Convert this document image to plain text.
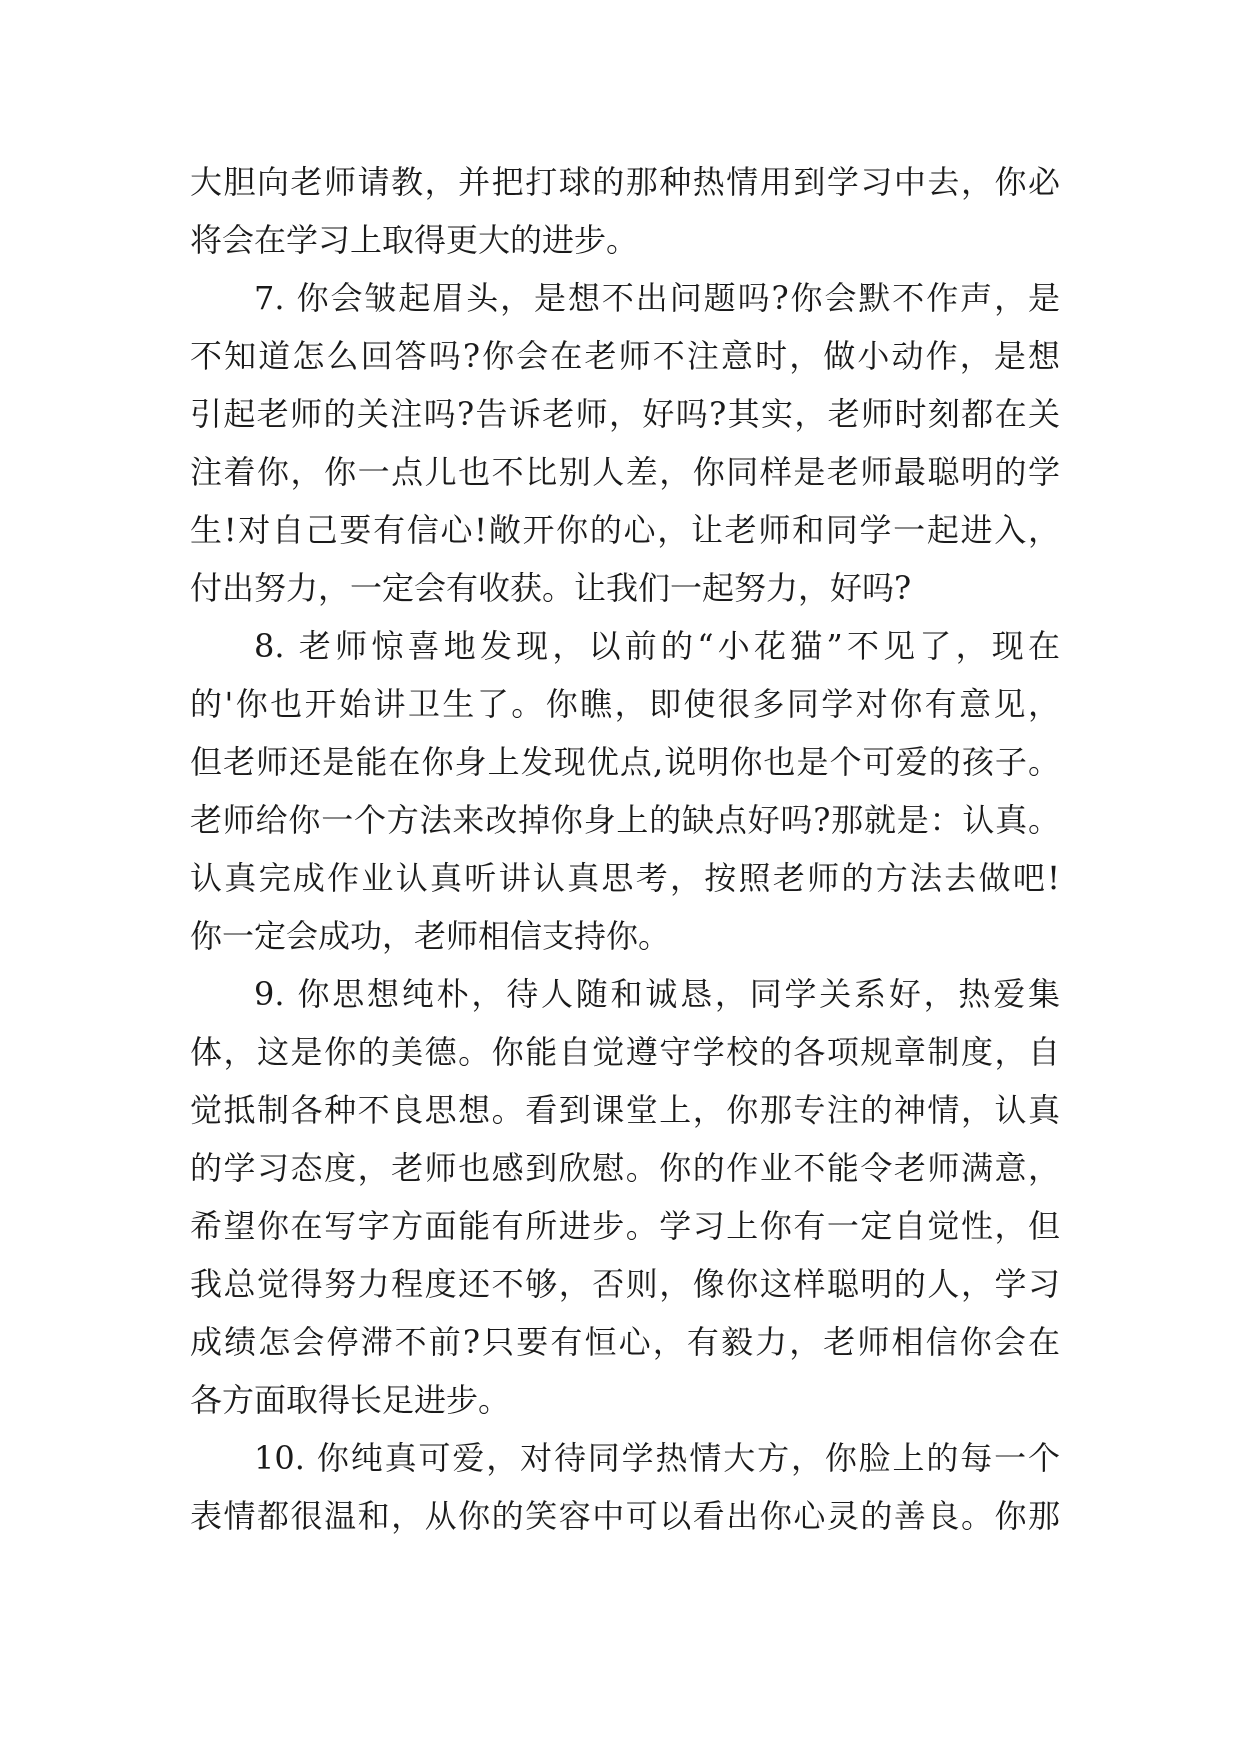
大胆向老师请教，并把打球的那种热情用到学习中去，你必
将会在学习上取得更大的进步。
7. 你会皱起眉头，是想不出问题吗?你会默不作声，是
不知道怎么回答吗?你会在老师不注意时，做小动作，是想
引起老师的关注吗?告诉老师，好吗?其实，老师时刻都在关
注着你，你一点儿也不比别人差，你同样是老师最聪明的学
生!对自己要有信心!敞开你的心，让老师和同学一起进入，
付出努力，一定会有收获。让我们一起努力，好吗?
8. 老师惊喜地发现，以前的“小花猫”不见了，现在
的'你也开始讲卫生了。你瞧，即使很多同学对你有意见，
但老师还是能在你身上发现优点,说明你也是个可爱的孩子。
老师给你一个方法来改掉你身上的缺点好吗?那就是：认真。
认真完成作业认真听讲认真思考，按照老师的方法去做吧!
你一定会成功，老师相信支持你。
9. 你思想纯朴，待人随和诚恳，同学关系好，热爱集
体，这是你的美德。你能自觉遵守学校的各项规章制度，自
觉抵制各种不良思想。看到课堂上，你那专注的神情，认真
的学习态度，老师也感到欣慰。你的作业不能令老师满意，
希望你在写字方面能有所进步。学习上你有一定自觉性，但
我总觉得努力程度还不够，否则，像你这样聪明的人，学习
成绩怎会停滞不前?只要有恒心，有毅力，老师相信你会在
各方面取得长足进步。
10. 你纯真可爱，对待同学热情大方，你脸上的每一个
表情都很温和，从你的笑容中可以看出你心灵的善良。你那
